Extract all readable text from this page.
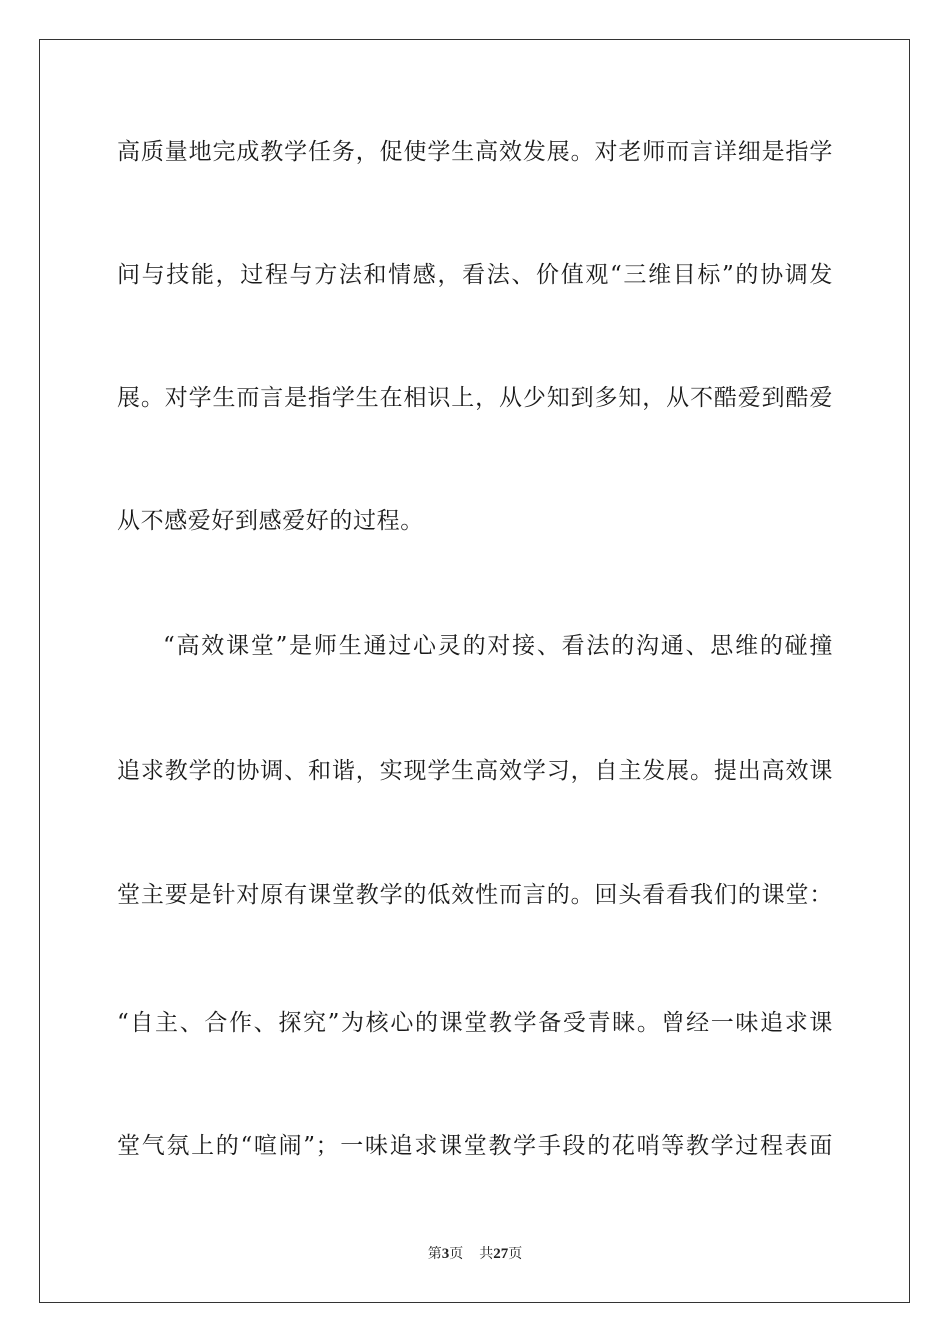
高质量地完成教学任务，促使学生高效发展。对老师而言详细是指学
问与技能，过程与方法和情感，看法、价值观“三维目标”的协调发
展。对学生而言是指学生在相识上，从少知到多知，从不酷爱到酷爱
从不感爱好到感爱好的过程。
“高效课堂”是师生通过心灵的对接、看法的沟通、思维的碰撞
追求教学的协调、和谐，实现学生高效学习，自主发展。提出高效课
堂主要是针对原有课堂教学的低效性而言的。回头看看我们的课堂：
“自主、合作、探究”为核心的课堂教学备受青睐。曾经一味追求课
堂气氛上的“喧闹”；一味追求课堂教学手段的花哨等教学过程表面
第3页 共27页
